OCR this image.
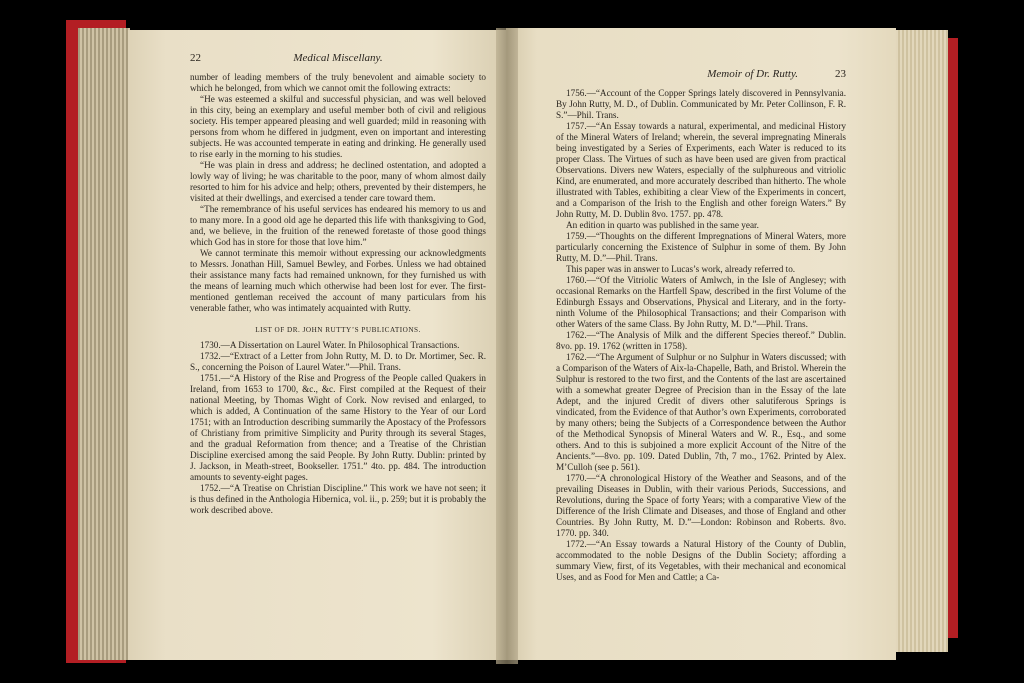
22	Medical Miscellany.

number of leading members of the truly benevolent and aimable society to which he belonged, from which we cannot omit the following extracts:

“He was esteemed a skilful and successful physician, and was well beloved in this city, being an exemplary and useful member both of civil and religious society. His temper appeared pleasing and well guarded; mild in reasoning with persons from whom he differed in judgment, even on important and interesting subjects. He was accounted temperate in eating and drinking. He generally used to rise early in the morning to his studies.

“He was plain in dress and address; he declined ostentation, and adopted a lowly way of living; he was charitable to the poor, many of whom almost daily resorted to him for his advice and help; others, prevented by their distempers, he visited at their dwellings, and exercised a tender care toward them.

“The remembrance of his useful services has endeared his memory to us and to many more. In a good old age he departed this life with thanksgiving to God, and, we believe, in the fruition of the renewed foretaste of those good things which God has in store for those that love him.”

We cannot terminate this memoir without expressing our acknowledgments to Messrs. Jonathan Hill, Samuel Bewley, and Forbes. Unless we had obtained their assistance many facts had remained unknown, for they furnished us with the means of learning much which otherwise had been lost for ever. The first-mentioned gentleman received the account of many particulars from his venerable father, who was intimately acquainted with Rutty.

LIST OF DR. JOHN RUTTY’S PUBLICATIONS.

1730.—A Dissertation on Laurel Water. In Philosophical Transactions.

1732.—“Extract of a Letter from John Rutty, M. D. to Dr. Mortimer, Sec. R. S., concerning the Poison of Laurel Water.”—Phil. Trans.

1751.—“A History of the Rise and Progress of the People called Quakers in Ireland, from 1653 to 1700, &c., &c. First compiled at the Request of their national Meeting, by Thomas Wight of Cork. Now revised and enlarged, to which is added, A Continuation of the same History to the Year of our Lord 1751; with an Introduction describing summarily the Apostacy of the Professors of Christiany from primitive Simplicity and Purity through its several Stages, and the gradual Reformation from thence; and a Treatise of the Christian Discipline exercised among the said People. By John Rutty. Dublin: printed by J. Jackson, in Meath-street, Bookseller. 1751.” 4to. pp. 484. The introduction amounts to seventy-eight pages.

1752.—“A Treatise on Christian Discipline.” This work we have not seen; it is thus defined in the Anthologia Hibernica, vol. ii., p. 259; but it is probably the work described above.

Memoir of Dr. Rutty.	23

1756.—“Account of the Copper Springs lately discovered in Pennsylvania. By John Rutty, M. D., of Dublin. Communicated by Mr. Peter Collinson, F. R. S.”—Phil. Trans.

1757.—“An Essay towards a natural, experimental, and medicinal History of the Mineral Waters of Ireland; wherein, the several impregnating Minerals being investigated by a Series of Experiments, each Water is reduced to its proper Class. The Virtues of such as have been used are given from practical Observations. Divers new Waters, especially of the sulphureous and vitriolic Kind, are enumerated, and more accurately described than hitherto. The whole illustrated with Tables, exhibiting a clear View of the Experiments in concert, and a Comparison of the Irish to the English and other foreign Waters.” By John Rutty, M. D. Dublin 8vo. 1757. pp. 478.

An edition in quarto was published in the same year.

1759.—“Thoughts on the different Impregnations of Mineral Waters, more particularly concerning the Existence of Sulphur in some of them. By John Rutty, M. D.”—Phil. Trans.

This paper was in answer to Lucas’s work, already referred to.

1760.—“Of the Vitriolic Waters of Amlwch, in the Isle of Anglesey; with occasional Remarks on the Hartfell Spaw, described in the first Volume of the Edinburgh Essays and Observations, Physical and Literary, and in the forty-ninth Volume of the Philosophical Transactions; and their Comparison with other Waters of the same Class. By John Rutty, M. D.”—Phil. Trans.

1762.—“The Analysis of Milk and the different Species thereof.” Dublin. 8vo. pp. 19. 1762 (written in 1758).

1762.—“The Argument of Sulphur or no Sulphur in Waters discussed; with a Comparison of the Waters of Aix-la-Chapelle, Bath, and Bristol. Wherein the Sulphur is restored to the two first, and the Contents of the last are ascertained with a somewhat greater Degree of Precision than in the Essay of the late Adept, and the injured Credit of divers other salutiferous Springs is vindicated, from the Evidence of that Author’s own Experiments, corroborated by many others; being the Subjects of a Correspondence between the Author of the Methodical Synopsis of Mineral Waters and W. R., Esq., and some others. And to this is subjoined a more explicit Account of the Nitre of the Ancients.”—8vo. pp. 109. Dated Dublin, 7th, 7 mo., 1762. Printed by Alex. M’Culloh (see p. 561).

1770.—“A chronological History of the Weather and Seasons, and of the prevailing Diseases in Dublin, with their various Periods, Successions, and Revolutions, during the Space of forty Years; with a comparative View of the Difference of the Irish Climate and Diseases, and those of England and other Countries. By John Rutty, M. D.”—London: Robinson and Roberts. 8vo. 1770. pp. 340.

1772.—“An Essay towards a Natural History of the County of Dublin, accommodated to the noble Designs of the Dublin Society; affording a summary View, first, of its Vegetables, with their mechanical and economical Uses, and as Food for Men and Cattle; a Ca-
